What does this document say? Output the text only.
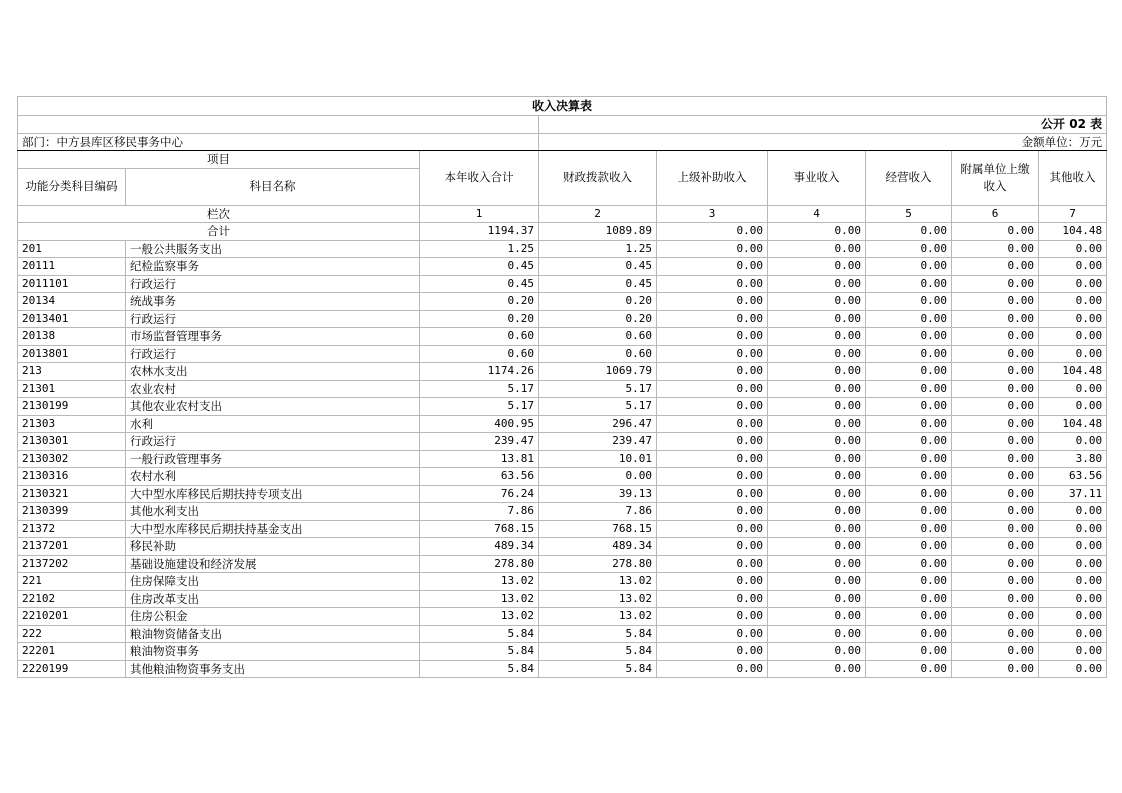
收入决算表								
			公开 02 表					
部门：中方县库区移民事务中心			金额单位：万元					
项目		本年收入合计	财政拨款收入	上级补助收入	事业收入	经营收入	附属单位上缴收入	其他收入
功能分类科目编码	科目名称							
栏次		1	2	3	4	5	6	7
合计		1194.37	1089.89	0.00	0.00	0.00	0.00	104.48
201	一般公共服务支出	1.25	1.25	0.00	0.00	0.00	0.00	0.00
20111	纪检监察事务	0.45	0.45	0.00	0.00	0.00	0.00	0.00
2011101	行政运行	0.45	0.45	0.00	0.00	0.00	0.00	0.00
20134	统战事务	0.20	0.20	0.00	0.00	0.00	0.00	0.00
2013401	行政运行	0.20	0.20	0.00	0.00	0.00	0.00	0.00
20138	市场监督管理事务	0.60	0.60	0.00	0.00	0.00	0.00	0.00
2013801	行政运行	0.60	0.60	0.00	0.00	0.00	0.00	0.00
213	农林水支出	1174.26	1069.79	0.00	0.00	0.00	0.00	104.48
21301	农业农村	5.17	5.17	0.00	0.00	0.00	0.00	0.00
2130199	其他农业农村支出	5.17	5.17	0.00	0.00	0.00	0.00	0.00
21303	水利	400.95	296.47	0.00	0.00	0.00	0.00	104.48
2130301	行政运行	239.47	239.47	0.00	0.00	0.00	0.00	0.00
2130302	一般行政管理事务	13.81	10.01	0.00	0.00	0.00	0.00	3.80
2130316	农村水利	63.56	0.00	0.00	0.00	0.00	0.00	63.56
2130321	大中型水库移民后期扶持专项支出	76.24	39.13	0.00	0.00	0.00	0.00	37.11
2130399	其他水利支出	7.86	7.86	0.00	0.00	0.00	0.00	0.00
21372	大中型水库移民后期扶持基金支出	768.15	768.15	0.00	0.00	0.00	0.00	0.00
2137201	移民补助	489.34	489.34	0.00	0.00	0.00	0.00	0.00
2137202	基础设施建设和经济发展	278.80	278.80	0.00	0.00	0.00	0.00	0.00
221	住房保障支出	13.02	13.02	0.00	0.00	0.00	0.00	0.00
22102	住房改革支出	13.02	13.02	0.00	0.00	0.00	0.00	0.00
2210201	住房公积金	13.02	13.02	0.00	0.00	0.00	0.00	0.00
222	粮油物资储备支出	5.84	5.84	0.00	0.00	0.00	0.00	0.00
22201	粮油物资事务	5.84	5.84	0.00	0.00	0.00	0.00	0.00
2220199	其他粮油物资事务支出	5.84	5.84	0.00	0.00	0.00	0.00	0.00
